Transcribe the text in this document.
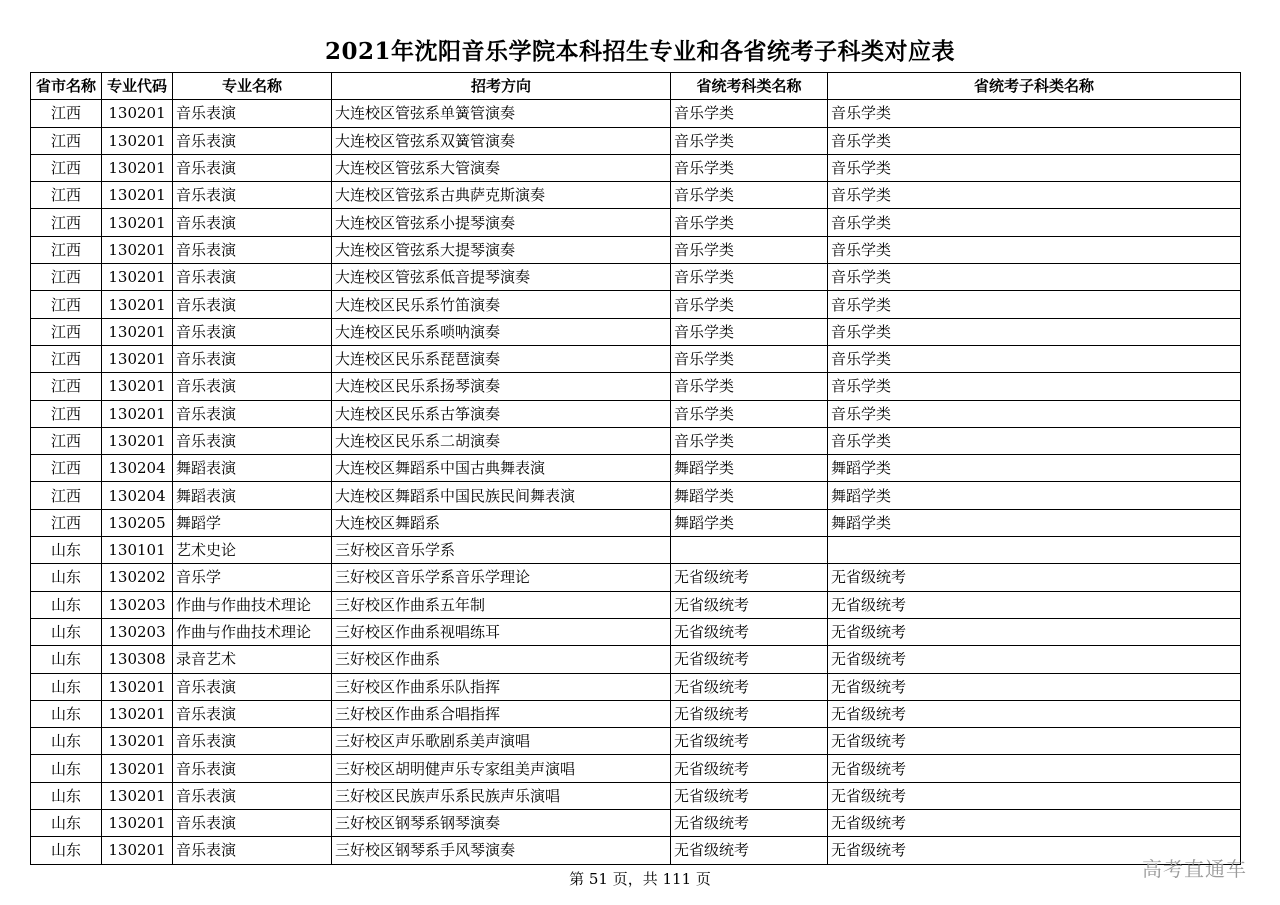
2021年沈阳音乐学院本科招生专业和各省统考子科类对应表
省市名称	专业代码	专业名称	招考方向	省统考科类名称	省统考子科类名称
江西	130201	音乐表演	大连校区管弦系单簧管演奏	音乐学类	音乐学类
江西	130201	音乐表演	大连校区管弦系双簧管演奏	音乐学类	音乐学类
江西	130201	音乐表演	大连校区管弦系大管演奏	音乐学类	音乐学类
江西	130201	音乐表演	大连校区管弦系古典萨克斯演奏	音乐学类	音乐学类
江西	130201	音乐表演	大连校区管弦系小提琴演奏	音乐学类	音乐学类
江西	130201	音乐表演	大连校区管弦系大提琴演奏	音乐学类	音乐学类
江西	130201	音乐表演	大连校区管弦系低音提琴演奏	音乐学类	音乐学类
江西	130201	音乐表演	大连校区民乐系竹笛演奏	音乐学类	音乐学类
江西	130201	音乐表演	大连校区民乐系唢呐演奏	音乐学类	音乐学类
江西	130201	音乐表演	大连校区民乐系琵琶演奏	音乐学类	音乐学类
江西	130201	音乐表演	大连校区民乐系扬琴演奏	音乐学类	音乐学类
江西	130201	音乐表演	大连校区民乐系古筝演奏	音乐学类	音乐学类
江西	130201	音乐表演	大连校区民乐系二胡演奏	音乐学类	音乐学类
江西	130204	舞蹈表演	大连校区舞蹈系中国古典舞表演	舞蹈学类	舞蹈学类
江西	130204	舞蹈表演	大连校区舞蹈系中国民族民间舞表演	舞蹈学类	舞蹈学类
江西	130205	舞蹈学	大连校区舞蹈系	舞蹈学类	舞蹈学类
山东	130101	艺术史论	三好校区音乐学系		
山东	130202	音乐学	三好校区音乐学系音乐学理论	无省级统考	无省级统考
山东	130203	作曲与作曲技术理论	三好校区作曲系五年制	无省级统考	无省级统考
山东	130203	作曲与作曲技术理论	三好校区作曲系视唱练耳	无省级统考	无省级统考
山东	130308	录音艺术	三好校区作曲系	无省级统考	无省级统考
山东	130201	音乐表演	三好校区作曲系乐队指挥	无省级统考	无省级统考
山东	130201	音乐表演	三好校区作曲系合唱指挥	无省级统考	无省级统考
山东	130201	音乐表演	三好校区声乐歌剧系美声演唱	无省级统考	无省级统考
山东	130201	音乐表演	三好校区胡明健声乐专家组美声演唱	无省级统考	无省级统考
山东	130201	音乐表演	三好校区民族声乐系民族声乐演唱	无省级统考	无省级统考
山东	130201	音乐表演	三好校区钢琴系钢琴演奏	无省级统考	无省级统考
山东	130201	音乐表演	三好校区钢琴系手风琴演奏	无省级统考	无省级统考
第 51 页，共 111 页	高考直通车
